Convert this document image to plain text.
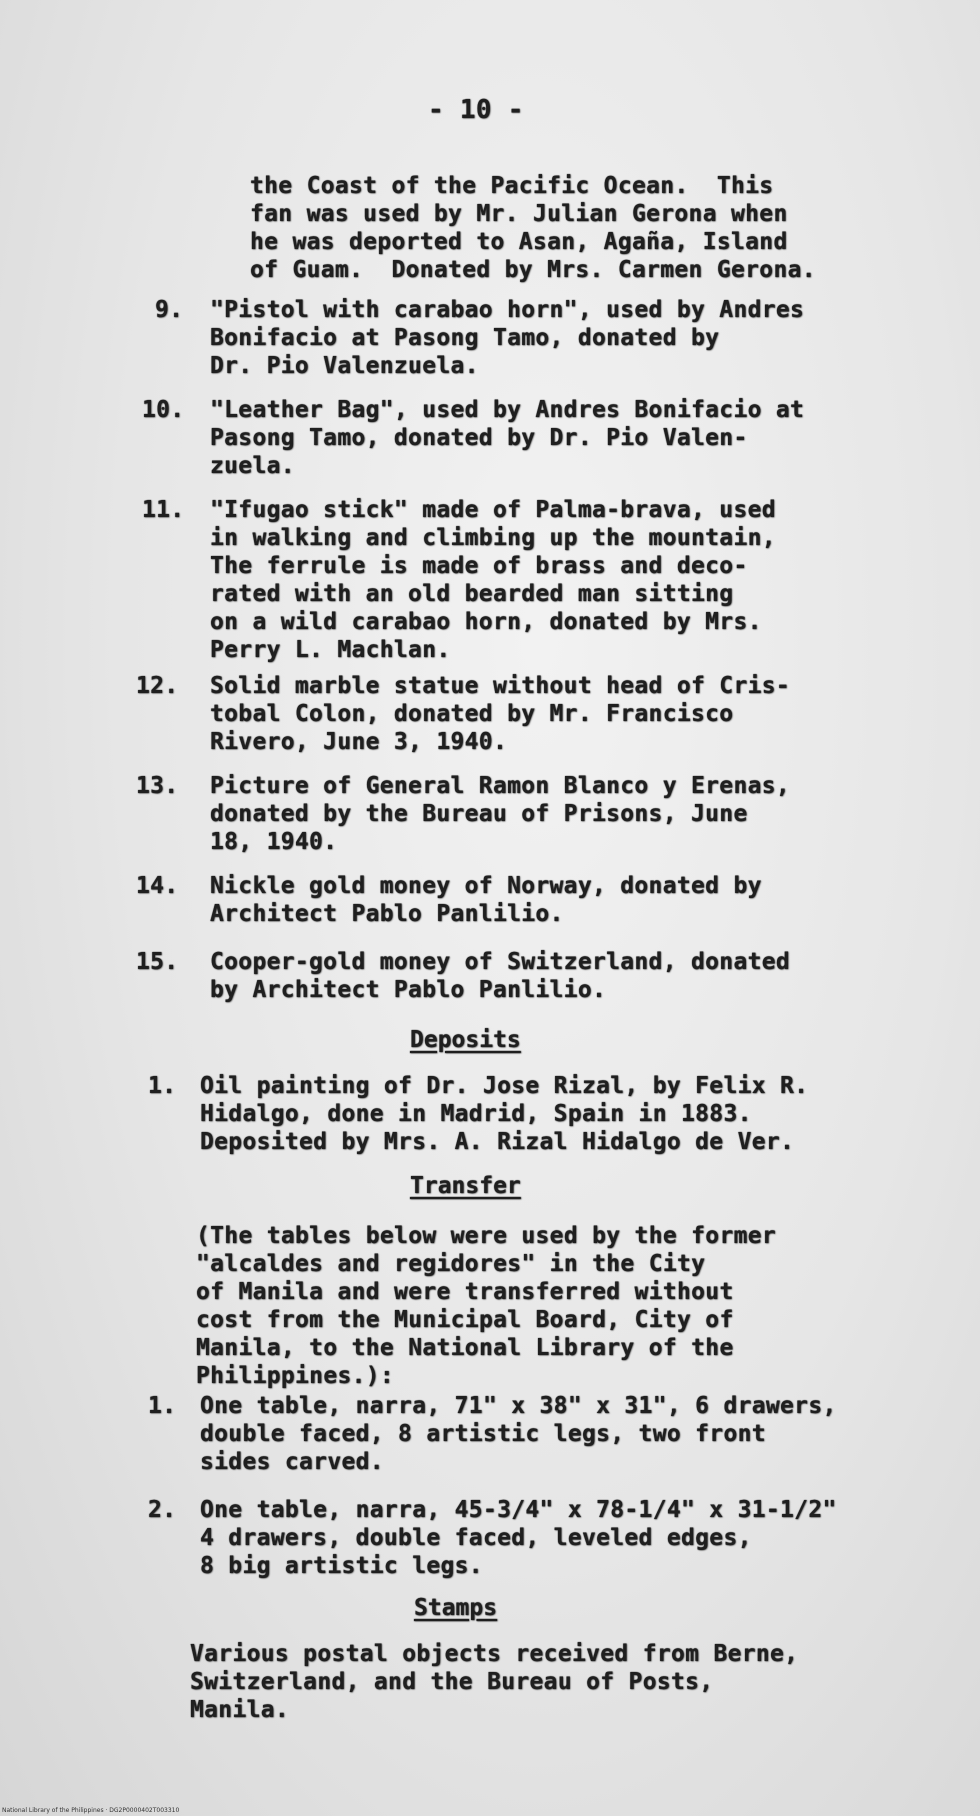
- 10 -
the Coast of the Pacific Ocean.  This
fan was used by Mr. Julian Gerona when
he was deported to Asan, Agaña, Island
of Guam.  Donated by Mrs. Carmen Gerona.
9. "Pistol with carabao horn", used by Andres
Bonifacio at Pasong Tamo, donated by
Dr. Pio Valenzuela.
10. "Leather Bag", used by Andres Bonifacio at
Pasong Tamo, donated by Dr. Pio Valen-
zuela.
11. "Ifugao stick" made of Palma-brava, used
in walking and climbing up the mountain,
The ferrule is made of brass and deco-
rated with an old bearded man sitting
on a wild carabao horn, donated by Mrs.
Perry L. Machlan.
12. Solid marble statue without head of Cris-
tobal Colon, donated by Mr. Francisco
Rivero, June 3, 1940.
13. Picture of General Ramon Blanco y Erenas,
donated by the Bureau of Prisons, June
18, 1940.
14. Nickle gold money of Norway, donated by
Architect Pablo Panlilio.
15. Cooper-gold money of Switzerland, donated
by Architect Pablo Panlilio.
Deposits
1. Oil painting of Dr. Jose Rizal, by Felix R.
Hidalgo, done in Madrid, Spain in 1883.
Deposited by Mrs. A. Rizal Hidalgo de Ver.
Transfer
(The tables below were used by the former
"alcaldes and regidores" in the City
of Manila and were transferred without
cost from the Municipal Board, City of
Manila, to the National Library of the
Philippines.):
1. One table, narra, 71" x 38" x 31", 6 drawers,
double faced, 8 artistic legs, two front
sides carved.
2. One table, narra, 45-3/4" x 78-1/4" x 31-1/2"
4 drawers, double faced, leveled edges,
8 big artistic legs.
Stamps
Various postal objects received from Berne,
Switzerland, and the Bureau of Posts,
Manila.
National Library of the Philippines · DG2P0000402T003310
